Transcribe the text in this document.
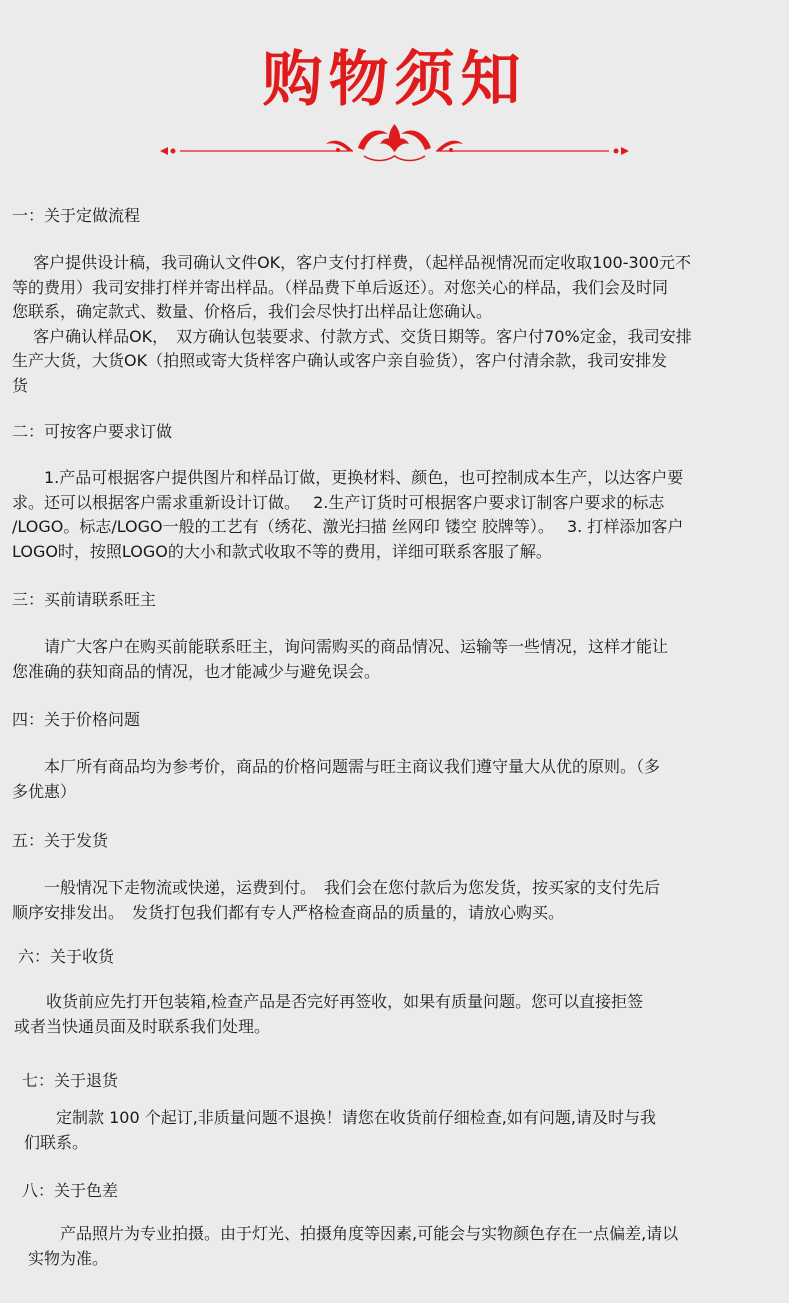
购物须知
一：关于定做流程

　 客户提供设计稿，我司确认文件OK，客户支付打样费，（起样品视情况而定收取100-300元不

等的费用）我司安排打样并寄出样品。（样品费下单后返还）。对您关心的样品，我们会及时同

您联系，确定款式、数量、价格后，我们会尽快打出样品让您确认。

　 客户确认样品OK，　双方确认包装要求、付款方式、交货日期等。客户付70%定金，我司安排

生产大货，大货OK（拍照或寄大货样客户确认或客户亲自验货），客户付清余款，我司安排发

货

二：可按客户要求订做

　　1.产品可根据客户提供图片和样品订做，更换材料、颜色，也可控制成本生产，以达客户要

求。还可以根据客户需求重新设计订做。　 2.生产订货时可根据客户要求订制客户要求的标志

/LOGO。标志/LOGO一般的工艺有（绣花、激光扫描 丝网印 镂空 胶牌等）。　 3. 打样添加客户

LOGO时，按照LOGO的大小和款式收取不等的费用，详细可联系客服了解。

三：买前请联系旺主

　　请广大客户在购买前能联系旺主，询问需购买的商品情况、运输等一些情况，这样才能让

您准确的获知商品的情况，也才能减少与避免误会。

四：关于价格问题

　　本厂所有商品均为参考价，商品的价格问题需与旺主商议我们遵守量大从优的原则。（多

多优惠）

五：关于发货

　　一般情况下走物流或快递，运费到付。　我们会在您付款后为您发货，按买家的支付先后

顺序安排发出。　发货打包我们都有专人严格检查商品的质量的，请放心购买。

六：关于收货

　　收货前应先打开包装箱,检查产品是否完好再签收，如果有质量问题。您可以直接拒签

或者当快通员面及时联系我们处理。

七：关于退货

　　定制款 100 个起订,非质量问题不退换！请您在收货前仔细检查,如有问题,请及时与我

们联系。

八：关于色差

　　产品照片为专业拍摄。由于灯光、拍摄角度等因素,可能会与实物颜色存在一点偏差,请以

实物为准。
